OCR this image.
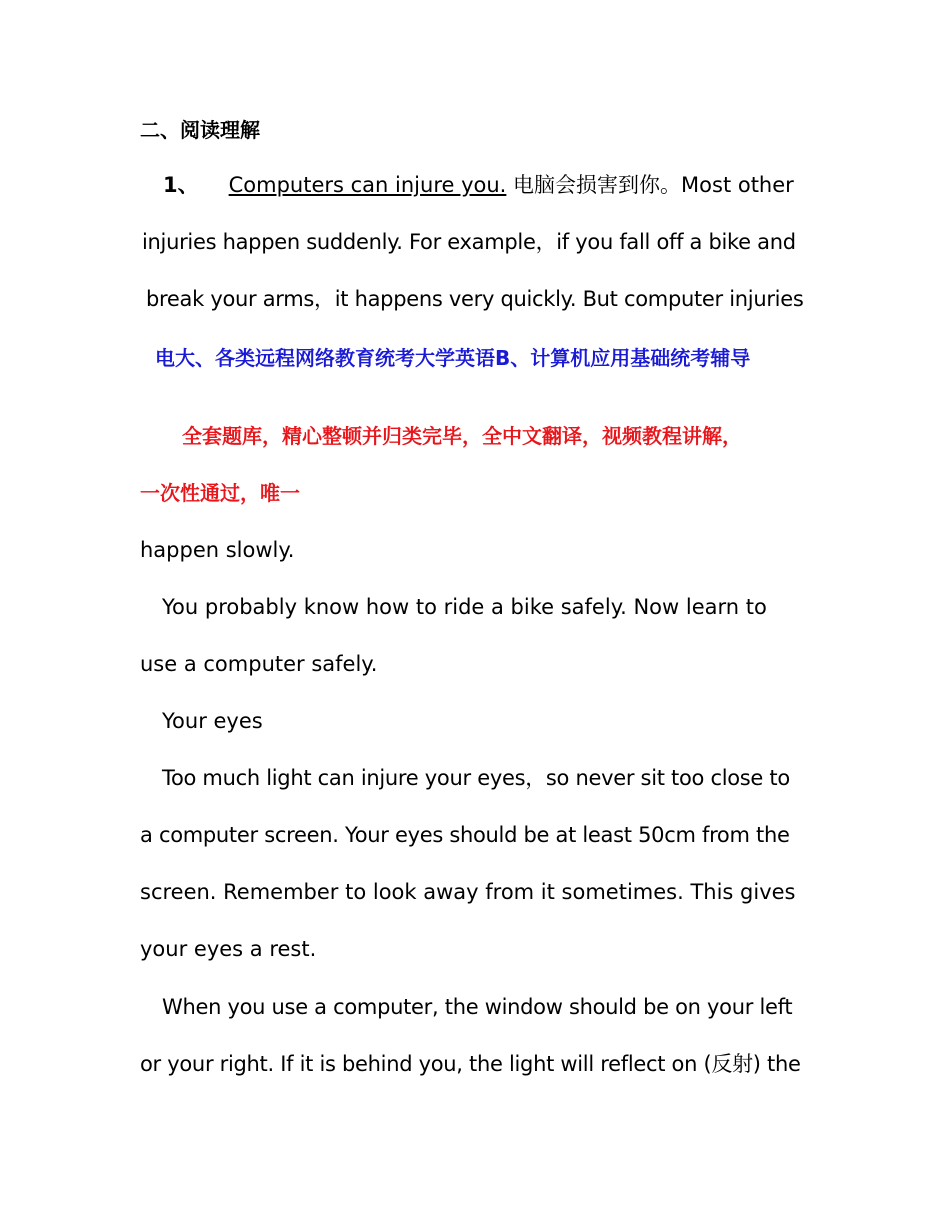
二、阅读理解
1、 Computers can injure you. 电脑会损害到你。Most other
injuries happen suddenly. For example，if you fall off a bike and
break your arms，it happens very quickly. But computer injuries
电大、各类远程网络教育统考大学英语B、计算机应用基础统考辅导
全套题库，精心整顿并归类完毕，全中文翻译，视频教程讲解，
一次性通过，唯一
happen slowly.
You probably know how to ride a bike safely. Now learn to
use a computer safely.
Your eyes
Too much light can injure your eyes，so never sit too close to
a computer screen. Your eyes should be at least 50cm from the
screen. Remember to look away from it sometimes. This gives
your eyes a rest.
When you use a computer, the window should be on your left
or your right. If it is behind you, the light will reflect on (反射) the
